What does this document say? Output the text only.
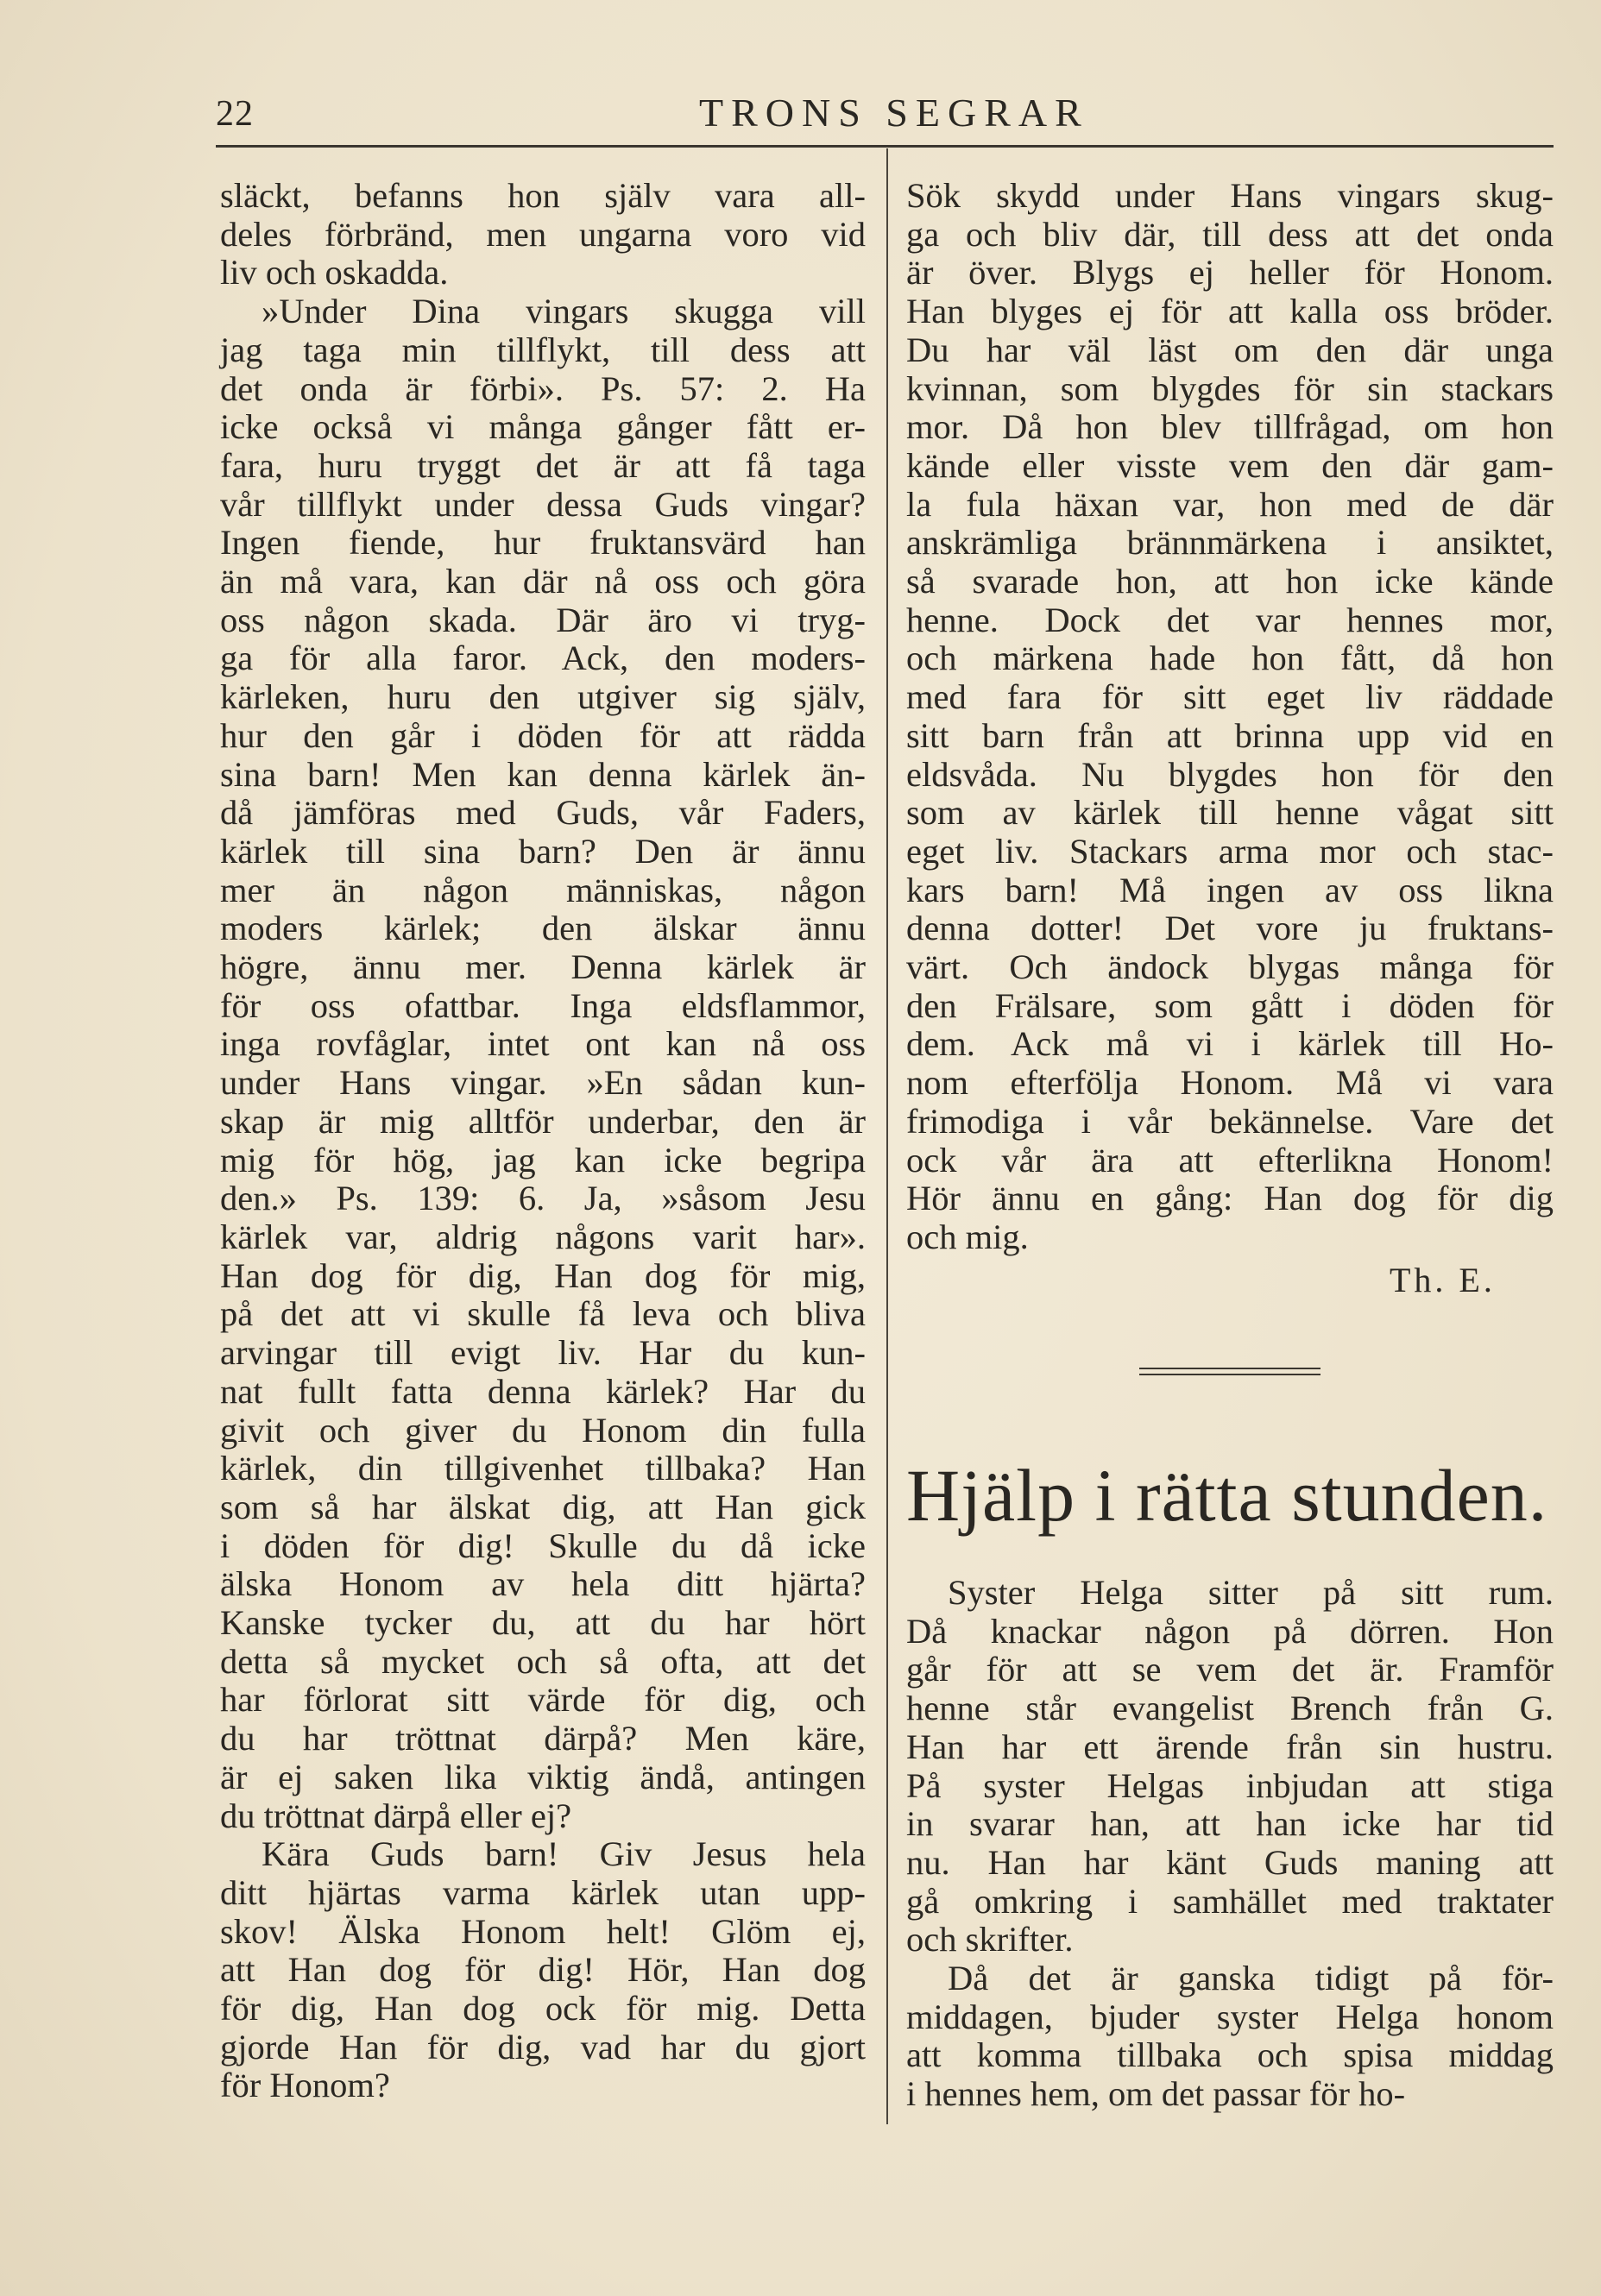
22	TRONS SEGRAR

släckt, befanns hon själv vara all-

deles förbränd, men ungarna voro vid

liv och oskadda.

»Under Dina vingars skugga vill

jag taga min tillflykt, till dess att

det onda är förbi». Ps. 57: 2. Ha

icke också vi många gånger fått er-

fara, huru tryggt det är att få taga

vår tillflykt under dessa Guds vingar?

Ingen fiende, hur fruktansvärd han

än må vara, kan där nå oss och göra

oss någon skada. Där äro vi tryg-

ga för alla faror. Ack, den moders-

kärleken, huru den utgiver sig själv,

hur den går i döden för att rädda

sina barn! Men kan denna kärlek än-

då jämföras med Guds, vår Faders,

kärlek till sina barn? Den är ännu

mer än någon människas, någon

moders kärlek; den älskar ännu

högre, ännu mer. Denna kärlek är

för oss ofattbar. Inga eldsflammor,

inga rovfåglar, intet ont kan nå oss

under Hans vingar. »En sådan kun-

skap är mig alltför underbar, den är

mig för hög, jag kan icke begripa

den.» Ps. 139: 6. Ja, »såsom Jesu

kärlek var, aldrig någons varit har».

Han dog för dig, Han dog för mig,

på det att vi skulle få leva och bliva

arvingar till evigt liv. Har du kun-

nat fullt fatta denna kärlek? Har du

givit och giver du Honom din fulla

kärlek, din tillgivenhet tillbaka? Han

som så har älskat dig, att Han gick

i döden för dig! Skulle du då icke

älska Honom av hela ditt hjärta?

Kanske tycker du, att du har hört

detta så mycket och så ofta, att det

har förlorat sitt värde för dig, och

du har tröttnat därpå? Men käre,

är ej saken lika viktig ändå, antingen

du tröttnat därpå eller ej?

Kära Guds barn! Giv Jesus hela

ditt hjärtas varma kärlek utan upp-

skov! Älska Honom helt! Glöm ej,

att Han dog för dig! Hör, Han dog

för dig, Han dog ock för mig. Detta

gjorde Han för dig, vad har du gjort

för Honom?

Sök skydd under Hans vingars skug-

ga och bliv där, till dess att det onda

är över. Blygs ej heller för Honom.

Han blyges ej för att kalla oss bröder.

Du har väl läst om den där unga

kvinnan, som blygdes för sin stackars

mor. Då hon blev tillfrågad, om hon

kände eller visste vem den där gam-

la fula häxan var, hon med de där

anskrämliga brännmärkena i ansiktet,

så svarade hon, att hon icke kände

henne. Dock det var hennes mor,

och märkena hade hon fått, då hon

med fara för sitt eget liv räddade

sitt barn från att brinna upp vid en

eldsvåda. Nu blygdes hon för den

som av kärlek till henne vågat sitt

eget liv. Stackars arma mor och stac-

kars barn! Må ingen av oss likna

denna dotter! Det vore ju fruktans-

värt. Och ändock blygas många för

den Frälsare, som gått i döden för

dem. Ack må vi i kärlek till Ho-

nom efterfölja Honom. Må vi vara

frimodiga i vår bekännelse. Vare det

ock vår ära att efterlikna Honom!

Hör ännu en gång: Han dog för dig

och mig.

Th. E.
Hjälp i rätta stunden.

Syster Helga sitter på sitt rum.

Då knackar någon på dörren. Hon

går för att se vem det är. Framför

henne står evangelist Brench från G.

Han har ett ärende från sin hustru.

På syster Helgas inbjudan att stiga

in svarar han, att han icke har tid

nu. Han har känt Guds maning att

gå omkring i samhället med traktater

och skrifter.

Då det är ganska tidigt på för-

middagen, bjuder syster Helga honom

att komma tillbaka och spisa middag

i hennes hem, om det passar för ho-
